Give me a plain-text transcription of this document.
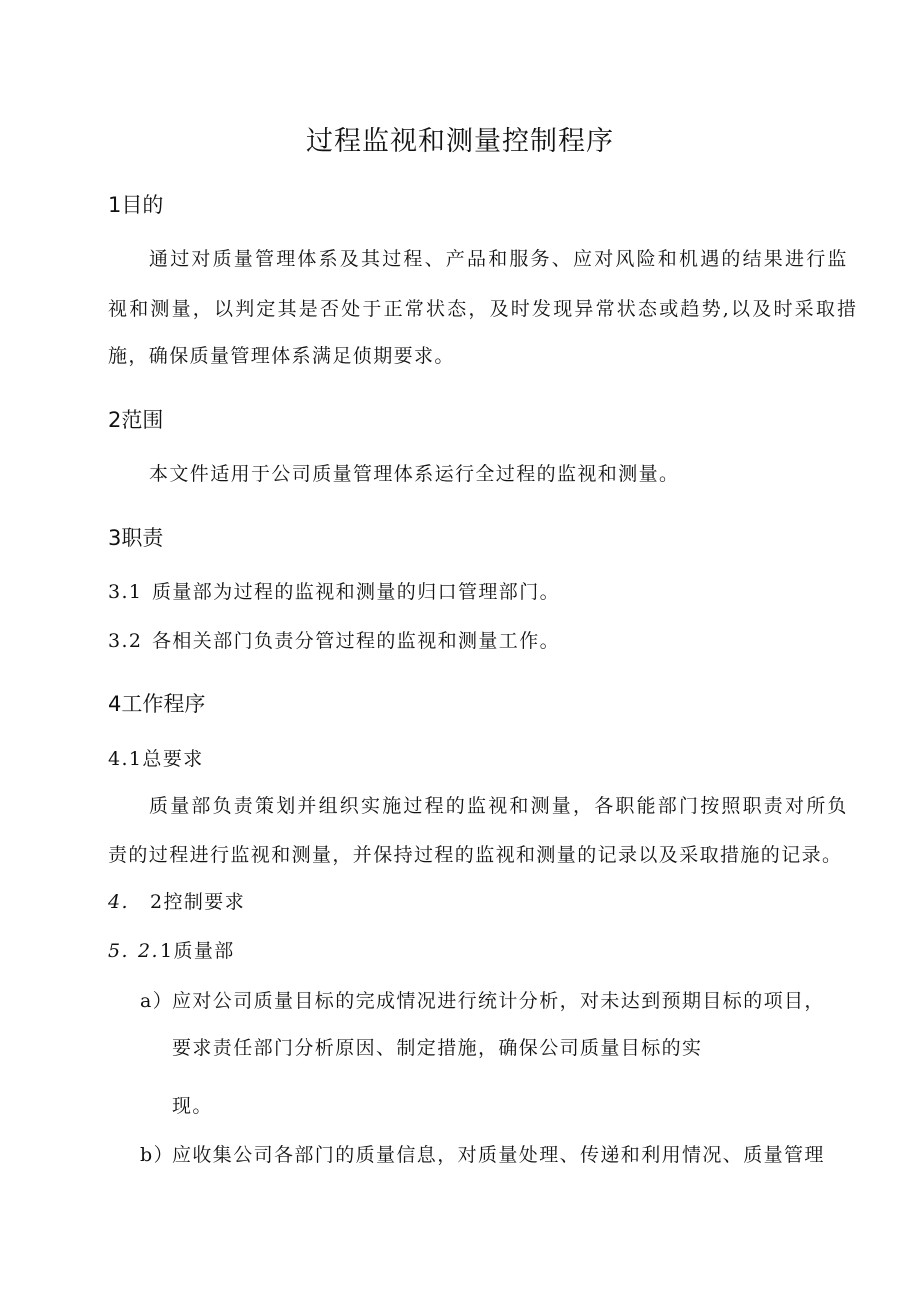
过程监视和测量控制程序
1目的
通过对质量管理体系及其过程、产品和服务、应对风险和机遇的结果进行监
视和测量，以判定其是否处于正常状态，及时发现异常状态或趋势,以及时采取措
施，确保质量管理体系满足侦期要求。
2范围
本文件适用于公司质量管理体系运行全过程的监视和测量。
3职责
3.1 质量部为过程的监视和测量的归口管理部门。
3.2 各相关部门负责分管过程的监视和测量工作。
4工作程序
4.1总要求
质量部负责策划并组织实施过程的监视和测量，各职能部门按照职责对所负
责的过程进行监视和测量，并保持过程的监视和测量的记录以及采取措施的记录。
4. 2控制要求
5. 2. 1质量部
a）
应对公司质量目标的完成情况进行统计分析，对未达到预期目标的项目，
要求责任部门分析原因、制定措施，确保公司质量目标的实
现。
b）
应收集公司各部门的质量信息，对质量处理、传递和利用情况、质量管理
